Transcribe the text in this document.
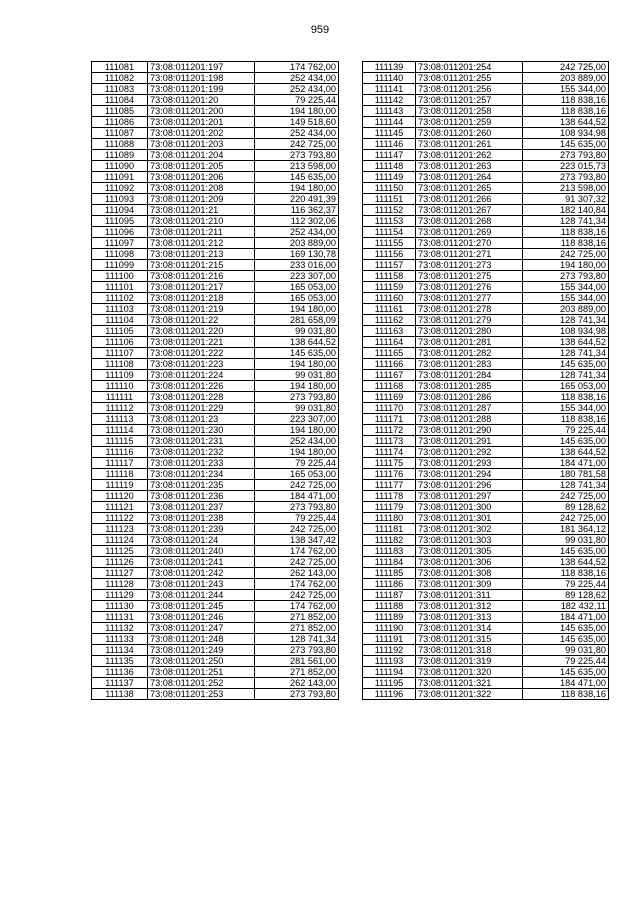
959
111081	73:08:011201:197	174 762,00
111082	73:08:011201:198	252 434,00
111083	73:08:011201:199	252 434,00
111084	73:08:011201:20	79 225,44
111085	73:08:011201:200	194 180,00
111086	73:08:011201:201	149 518,60
111087	73:08:011201:202	252 434,00
111088	73:08:011201:203	242 725,00
111089	73:08:011201:204	273 793,80
111090	73:08:011201:205	213 598,00
111091	73:08:011201:206	145 635,00
111092	73:08:011201:208	194 180,00
111093	73:08:011201:209	220 491,39
111094	73:08:011201:21	116 362,37
111095	73:08:011201:210	112 302,06
111096	73:08:011201:211	252 434,00
111097	73:08:011201:212	203 889,00
111098	73:08:011201:213	169 130,78
111099	73:08:011201:215	233 016,00
111100	73:08:011201:216	223 307,00
111101	73:08:011201:217	165 053,00
111102	73:08:011201:218	165 053,00
111103	73:08:011201:219	194 180,00
111104	73:08:011201:22	281 658,09
111105	73:08:011201:220	99 031,80
111106	73:08:011201:221	138 644,52
111107	73:08:011201:222	145 635,00
111108	73:08:011201:223	194 180,00
111109	73:08:011201:224	99 031,80
111110	73:08:011201:226	194 180,00
111111	73:08:011201:228	273 793,80
111112	73:08:011201:229	99 031,80
111113	73:08:011201:23	223 307,00
111114	73:08:011201:230	194 180,00
111115	73:08:011201:231	252 434,00
111116	73:08:011201:232	194 180,00
111117	73:08:011201:233	79 225,44
111118	73:08:011201:234	165 053,00
111119	73:08:011201:235	242 725,00
111120	73:08:011201:236	184 471,00
111121	73:08:011201:237	273 793,80
111122	73:08:011201:238	79 225,44
111123	73:08:011201:239	242 725,00
111124	73:08:011201:24	138 347,42
111125	73:08:011201:240	174 762,00
111126	73:08:011201:241	242 725,00
111127	73:08:011201:242	262 143,00
111128	73:08:011201:243	174 762,00
111129	73:08:011201:244	242 725,00
111130	73:08:011201:245	174 762,00
111131	73:08:011201:246	271 852,00
111132	73:08:011201:247	271 852,00
111133	73:08:011201:248	128 741,34
111134	73:08:011201:249	273 793,80
111135	73:08:011201:250	281 561,00
111136	73:08:011201:251	271 852,00
111137	73:08:011201:252	262 143,00
111138	73:08:011201:253	273 793,80
111139	73:08:011201:254	242 725,00
111140	73:08:011201:255	203 889,00
111141	73:08:011201:256	155 344,00
111142	73:08:011201:257	118 838,16
111143	73:08:011201:258	118 838,16
111144	73:08:011201:259	138 644,52
111145	73:08:011201:260	108 934,98
111146	73:08:011201:261	145 635,00
111147	73:08:011201:262	273 793,80
111148	73:08:011201:263	223 015,73
111149	73:08:011201:264	273 793,80
111150	73:08:011201:265	213 598,00
111151	73:08:011201:266	91 307,32
111152	73:08:011201:267	182 140,84
111153	73:08:011201:268	128 741,34
111154	73:08:011201:269	118 838,16
111155	73:08:011201:270	118 838,16
111156	73:08:011201:271	242 725,00
111157	73:08:011201:273	194 180,00
111158	73:08:011201:275	273 793,80
111159	73:08:011201:276	155 344,00
111160	73:08:011201:277	155 344,00
111161	73:08:011201:278	203 889,00
111162	73:08:011201:279	128 741,34
111163	73:08:011201:280	108 934,98
111164	73:08:011201:281	138 644,52
111165	73:08:011201:282	128 741,34
111166	73:08:011201:283	145 635,00
111167	73:08:011201:284	128 741,34
111168	73:08:011201:285	165 053,00
111169	73:08:011201:286	118 838,16
111170	73:08:011201:287	155 344,00
111171	73:08:011201:288	118 838,16
111172	73:08:011201:290	79 225,44
111173	73:08:011201:291	145 635,00
111174	73:08:011201:292	138 644,52
111175	73:08:011201:293	184 471,00
111176	73:08:011201:294	180 781,58
111177	73:08:011201:296	128 741,34
111178	73:08:011201:297	242 725,00
111179	73:08:011201:300	89 128,62
111180	73:08:011201:301	242 725,00
111181	73:08:011201:302	181 364,12
111182	73:08:011201:303	99 031,80
111183	73:08:011201:305	145 635,00
111184	73:08:011201:306	138 644,52
111185	73:08:011201:308	118 838,16
111186	73:08:011201:309	79 225,44
111187	73:08:011201:311	89 128,62
111188	73:08:011201:312	182 432,11
111189	73:08:011201:313	184 471,00
111190	73:08:011201:314	145 635,00
111191	73:08:011201:315	145 635,00
111192	73:08:011201:318	99 031,80
111193	73:08:011201:319	79 225,44
111194	73:08:011201:320	145 635,00
111195	73:08:011201:321	184 471,00
111196	73:08:011201:322	118 838,16
